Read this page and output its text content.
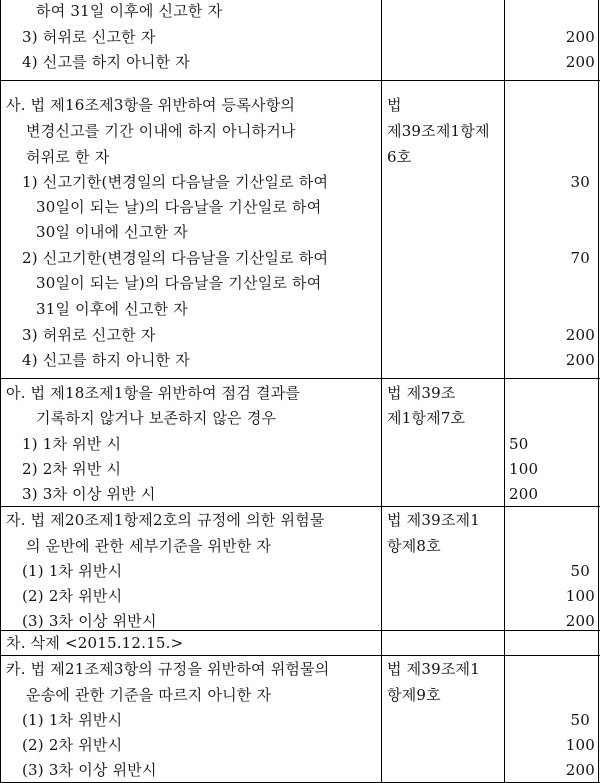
하여 31일 이후에 신고한 자
3) 허위로 신고한 자
4) 신고를 하지 아니한 자
200
200
사. 법 제16조제3항을 위반하여 등록사항의
변경신고를 기간 이내에 하지 아니하거나
허위로 한 자
1) 신고기한(변경일의 다음날을 기산일로 하여
30일이 되는 날)의 다음날을 기산일로 하여
30일 이내에 신고한 자
2) 신고기한(변경일의 다음날을 기산일로 하여
30일이 되는 날)의 다음날을 기산일로 하여
31일 이후에 신고한 자
3) 허위로 신고한 자
4) 신고를 하지 아니한 자
법
제39조제1항제
6호
30
70
200
200
아. 법 제18조제1항을 위반하여 점검 결과를
기록하지 않거나 보존하지 않은 경우
1) 1차 위반 시
2) 2차 위반 시
3) 3차 이상 위반 시
법 제39조
제1항제7호
50
100
200
자. 법 제20조제1항제2호의 규정에 의한 위험물
의 운반에 관한 세부기준을 위반한 자
(1) 1차 위반시
(2) 2차 위반시
(3) 3차 이상 위반시
법 제39조제1
항제8호
50
100
200
차. 삭제 <2015.12.15.>
카. 법 제21조제3항의 규정을 위반하여 위험물의
운송에 관한 기준을 따르지 아니한 자
(1) 1차 위반시
(2) 2차 위반시
(3) 3차 이상 위반시
법 제39조제1
항제9호
50
100
200
